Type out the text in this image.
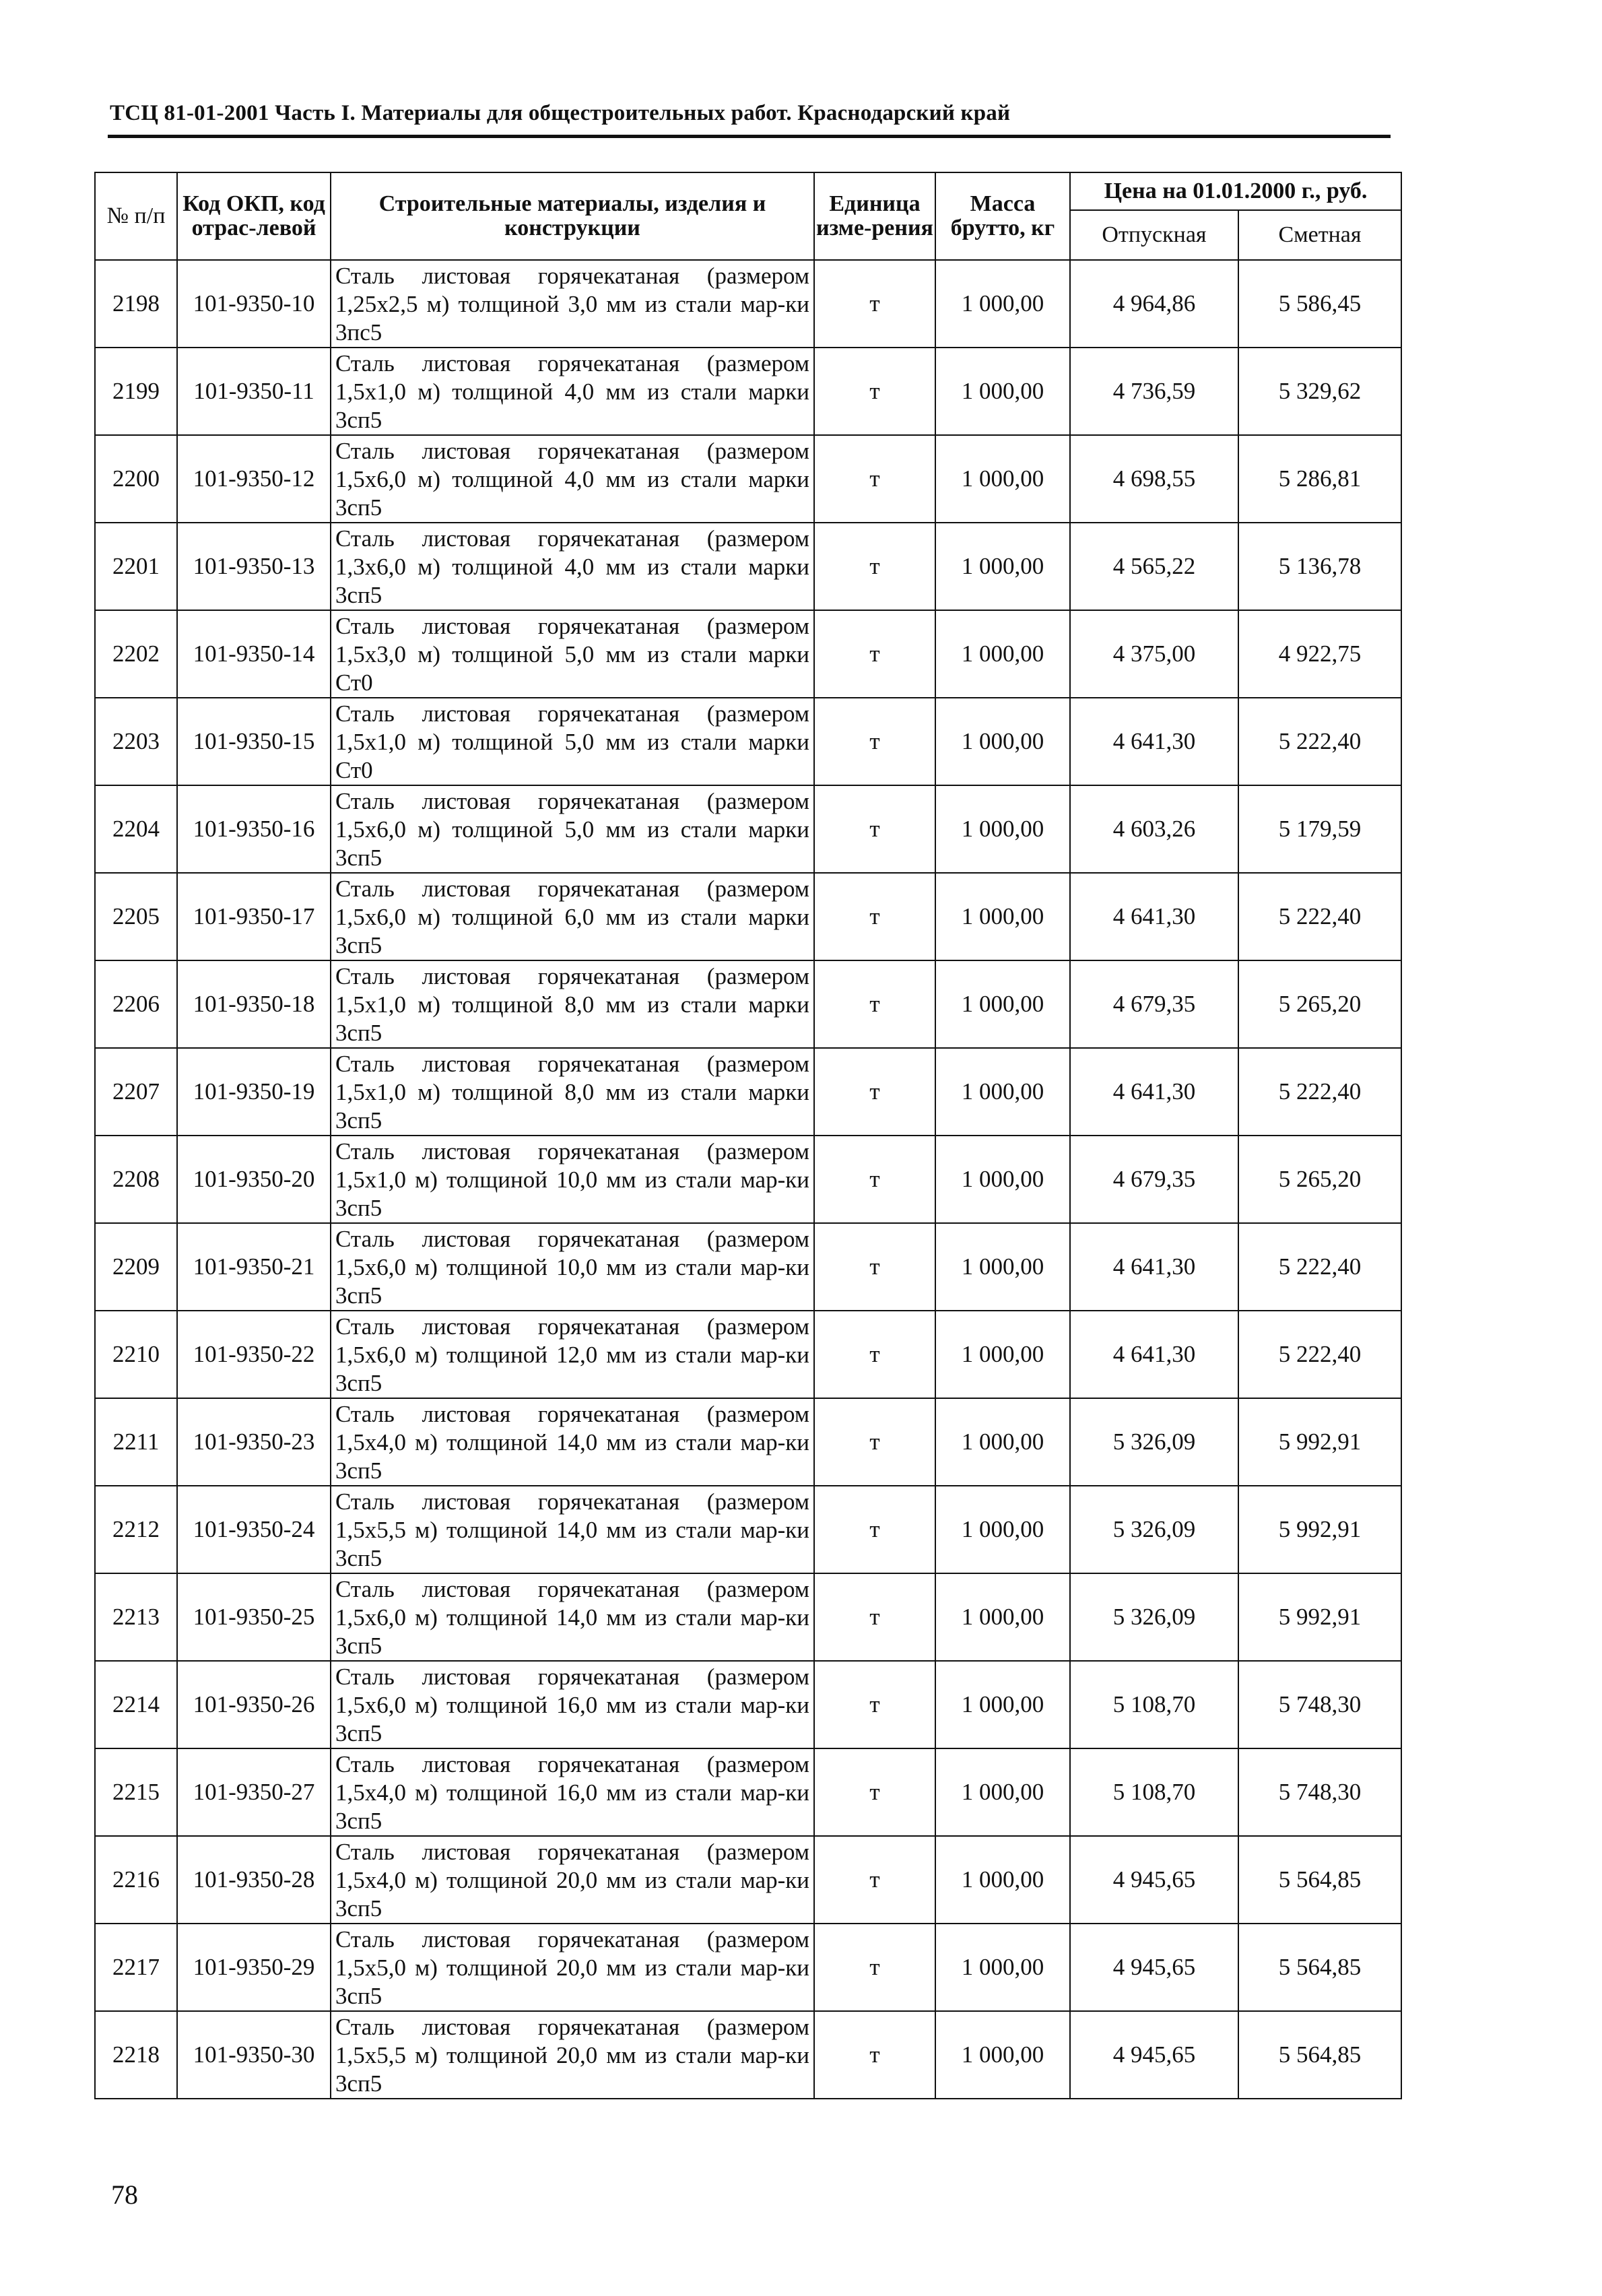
ТСЦ 81-01-2001 Часть I. Материалы для общестроительных работ. Краснодарский край
№ п/п	Код ОКП, код отрас-левой	Строительные материалы, изделия и конструкции	Единица изме-рения	Масса брутто, кг	Цена на 01.01.2000 г., руб.	
					Отпускная	Сметная
2198	101-9350-10	Сталь листовая горячекатаная (размером 1,25х2,5 м) толщиной 3,0 мм из стали мар-ки 3пс5	т	1 000,00	4 964,86	5 586,45
2199	101-9350-11	Сталь листовая горячекатаная (размером 1,5х1,0 м) толщиной 4,0 мм из стали марки 3сп5	т	1 000,00	4 736,59	5 329,62
2200	101-9350-12	Сталь листовая горячекатаная (размером 1,5х6,0 м) толщиной 4,0 мм из стали марки 3сп5	т	1 000,00	4 698,55	5 286,81
2201	101-9350-13	Сталь листовая горячекатаная (размером 1,3х6,0 м) толщиной 4,0 мм из стали марки 3сп5	т	1 000,00	4 565,22	5 136,78
2202	101-9350-14	Сталь листовая горячекатаная (размером 1,5х3,0 м) толщиной 5,0 мм из стали марки Ст0	т	1 000,00	4 375,00	4 922,75
2203	101-9350-15	Сталь листовая горячекатаная (размером 1,5х1,0 м) толщиной 5,0 мм из стали марки Ст0	т	1 000,00	4 641,30	5 222,40
2204	101-9350-16	Сталь листовая горячекатаная (размером 1,5х6,0 м) толщиной 5,0 мм из стали марки 3сп5	т	1 000,00	4 603,26	5 179,59
2205	101-9350-17	Сталь листовая горячекатаная (размером 1,5х6,0 м) толщиной 6,0 мм из стали марки 3сп5	т	1 000,00	4 641,30	5 222,40
2206	101-9350-18	Сталь листовая горячекатаная (размером 1,5х1,0 м) толщиной 8,0 мм из стали марки 3сп5	т	1 000,00	4 679,35	5 265,20
2207	101-9350-19	Сталь листовая горячекатаная (размером 1,5х1,0 м) толщиной 8,0 мм из стали марки 3сп5	т	1 000,00	4 641,30	5 222,40
2208	101-9350-20	Сталь листовая горячекатаная (размером 1,5х1,0 м) толщиной 10,0 мм из стали мар-ки 3сп5	т	1 000,00	4 679,35	5 265,20
2209	101-9350-21	Сталь листовая горячекатаная (размером 1,5х6,0 м) толщиной 10,0 мм из стали мар-ки 3сп5	т	1 000,00	4 641,30	5 222,40
2210	101-9350-22	Сталь листовая горячекатаная (размером 1,5х6,0 м) толщиной 12,0 мм из стали мар-ки 3сп5	т	1 000,00	4 641,30	5 222,40
2211	101-9350-23	Сталь листовая горячекатаная (размером 1,5х4,0 м) толщиной 14,0 мм из стали мар-ки 3сп5	т	1 000,00	5 326,09	5 992,91
2212	101-9350-24	Сталь листовая горячекатаная (размером 1,5х5,5 м) толщиной 14,0 мм из стали мар-ки 3сп5	т	1 000,00	5 326,09	5 992,91
2213	101-9350-25	Сталь листовая горячекатаная (размером 1,5х6,0 м) толщиной 14,0 мм из стали мар-ки 3сп5	т	1 000,00	5 326,09	5 992,91
2214	101-9350-26	Сталь листовая горячекатаная (размером 1,5х6,0 м) толщиной 16,0 мм из стали мар-ки 3сп5	т	1 000,00	5 108,70	5 748,30
2215	101-9350-27	Сталь листовая горячекатаная (размером 1,5х4,0 м) толщиной 16,0 мм из стали мар-ки 3сп5	т	1 000,00	5 108,70	5 748,30
2216	101-9350-28	Сталь листовая горячекатаная (размером 1,5х4,0 м) толщиной 20,0 мм из стали мар-ки 3сп5	т	1 000,00	4 945,65	5 564,85
2217	101-9350-29	Сталь листовая горячекатаная (размером 1,5х5,0 м) толщиной 20,0 мм из стали мар-ки 3сп5	т	1 000,00	4 945,65	5 564,85
2218	101-9350-30	Сталь листовая горячекатаная (размером 1,5х5,5 м) толщиной 20,0 мм из стали мар-ки 3сп5	т	1 000,00	4 945,65	5 564,85
78
